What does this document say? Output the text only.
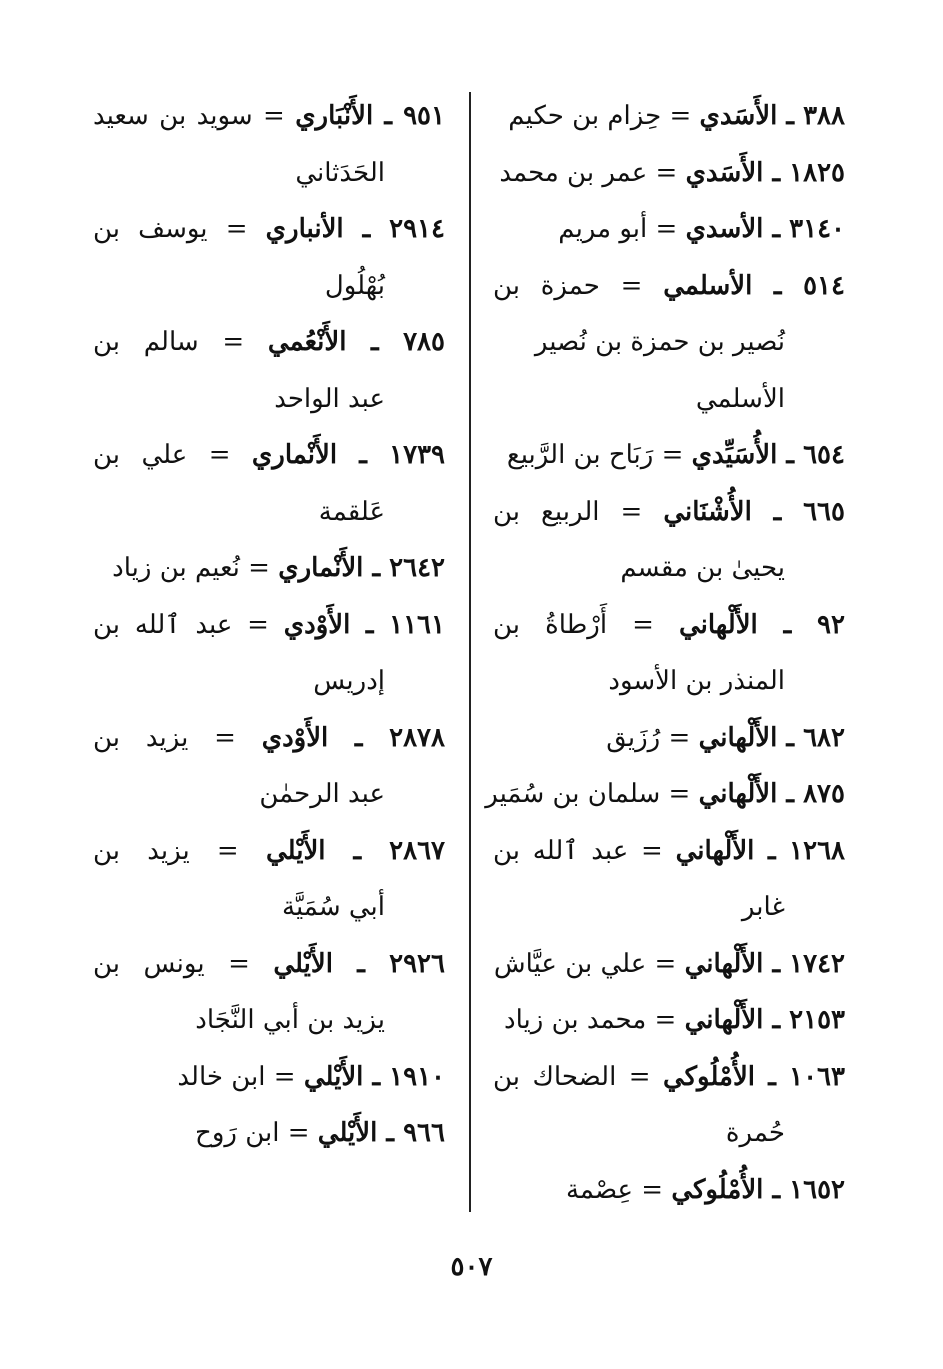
٣٨٨ ـ الأَسَدي = حِزام بن حكيم
١٨٢٥ ـ الأَسَدي = عمر بن محمد
٣١٤٠ ـ الأسدي = أبو مريم
٥١٤ ـ الأسلمي = حمزة بن
نُصير بن حمزة بن نُصير
الأسلمي
٦٥٤ ـ الأُسَيِّدي = رَبَاح بن الرَّبيع
٦٦٥ ـ الأُشْنَاني = الربيع بن
يحيىٰ بن مقسم
٩٢ ـ الأَلْهاني = أَرْطاةُ بن
المنذر بن الأسود
٦٨٢ ـ الأَلْهاني = رُزَيق
٨٧٥ ـ الأَلْهاني = سلمان بن سُمَير
١٢٦٨ ـ الأَلْهاني = عبد ٱلله بن
غابر
١٧٤٢ ـ الأَلْهاني = علي بن عيَّاش
٢١٥٣ ـ الأَلْهاني = محمد بن زياد
١٠٦٣ ـ الأُمْلُوكي = الضحاك بن
حُمرة
١٦٥٢ ـ الأُمْلُوكي = عِصْمة
٩٥١ ـ الأَنْبَاري = سويد بن سعيد
الحَدَثاني
٢٩١٤ ـ الأنباري = يوسف بن
بُهْلُول
٧٨٥ ـ الأَنْعُمي = سالم بن
عبد الواحد
١٧٣٩ ـ الأَنْماري = علي بن
عَلقمة
٢٦٤٢ ـ الأَنْماري = نُعيم بن زياد
١١٦١ ـ الأَوْدي = عبد ٱلله بن
إدريس
٢٨٧٨ ـ الأَوْدي = يزيد بن
عبد الرحمٰن
٢٨٦٧ ـ الأَيْلي = يزيد بن
أبي سُمَيَّة
٢٩٢٦ ـ الأَيْلي = يونس بن
يزيد بن أبي النَّجَاد
١٩١٠ ـ الأَيْلي = ابن خالد
٩٦٦ ـ الأَيْلي = ابن رَوح
٥٠٧
